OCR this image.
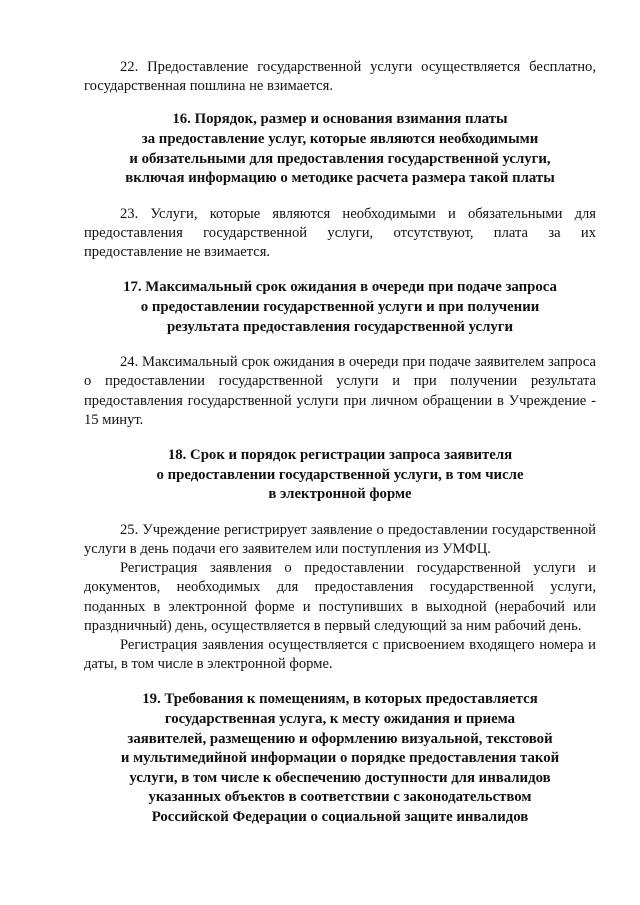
22. Предоставление государственной услуги осуществляется бесплатно, государственная пошлина не взимается.

16. Порядок, размер и основания взимания платы
за предоставление услуг, которые являются необходимыми
и обязательными для предоставления государственной услуги,
включая информацию о методике расчета размера такой платы

23. Услуги, которые являются необходимыми и обязательными для предоставления государственной услуги, отсутствуют, плата за их предоставление не взимается.

17. Максимальный срок ожидания в очереди при подаче запроса
о предоставлении государственной услуги и при получении
результата предоставления государственной услуги

24. Максимальный срок ожидания в очереди при подаче заявителем запроса о предоставлении государственной услуги и при получении результата предоставления государственной услуги при личном обращении в Учреждение - 15 минут.

18. Срок и порядок регистрации запроса заявителя
о предоставлении государственной услуги, в том числе
в электронной форме

25. Учреждение регистрирует заявление о предоставлении государственной услуги в день подачи его заявителем или поступления из УМФЦ.

Регистрация заявления о предоставлении государственной услуги и документов, необходимых для предоставления государственной услуги, поданных в электронной форме и поступивших в выходной (нерабочий или праздничный) день, осуществляется в первый следующий за ним рабочий день.

Регистрация заявления осуществляется с присвоением входящего номера и даты, в том числе в электронной форме.

19. Требования к помещениям, в которых предоставляется
государственная услуга, к месту ожидания и приема
заявителей, размещению и оформлению визуальной, текстовой
и мультимедийной информации о порядке предоставления такой
услуги, в том числе к обеспечению доступности для инвалидов
указанных объектов в соответствии с законодательством
Российской Федерации о социальной защите инвалидов
